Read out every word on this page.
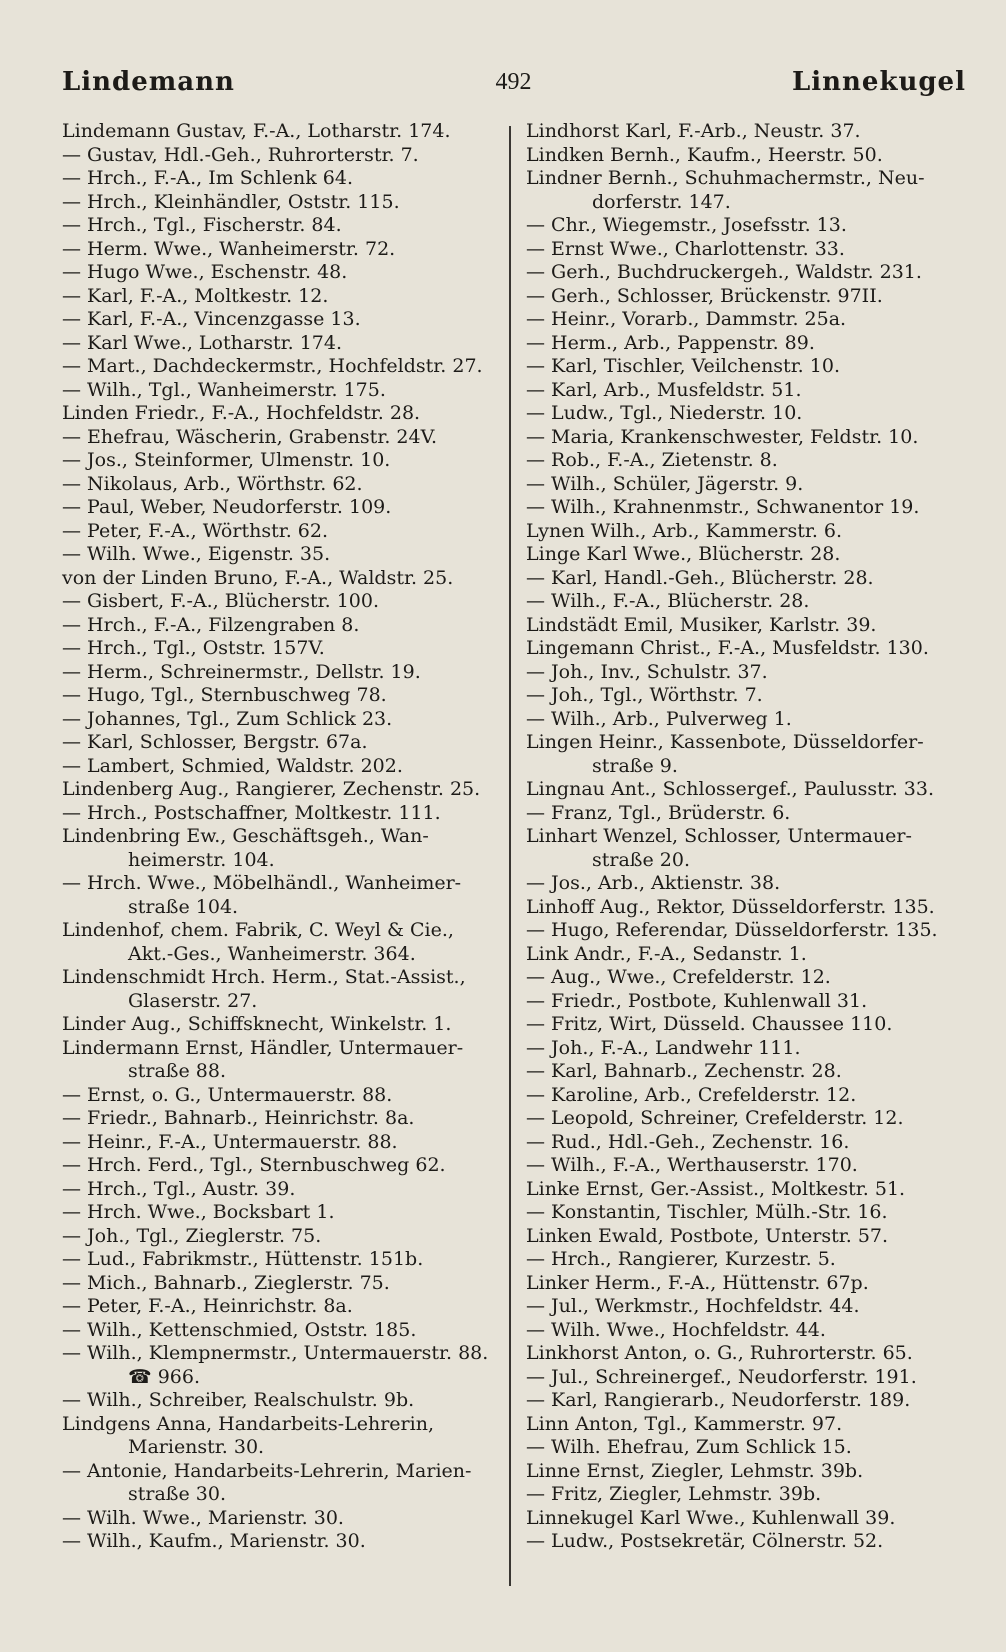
Lindemann	492	Linnekugel
Lindemann Gustav, F.-A., Lotharstr. 174.
— Gustav, Hdl.-Geh., Ruhrorterstr. 7.
— Hrch., F.-A., Im Schlenk 64.
— Hrch., Kleinhändler, Oststr. 115.
— Hrch., Tgl., Fischerstr. 84.
— Herm. Wwe., Wanheimerstr. 72.
— Hugo Wwe., Eschenstr. 48.
— Karl, F.-A., Moltkestr. 12.
— Karl, F.-A., Vincenzgasse 13.
— Karl Wwe., Lotharstr. 174.
— Mart., Dachdeckermstr., Hochfeldstr. 27.
— Wilh., Tgl., Wanheimerstr. 175.
Linden Friedr., F.-A., Hochfeldstr. 28.
— Ehefrau, Wäscherin, Grabenstr. 24V.
— Jos., Steinformer, Ulmenstr. 10.
— Nikolaus, Arb., Wörthstr. 62.
— Paul, Weber, Neudorferstr. 109.
— Peter, F.-A., Wörthstr. 62.
— Wilh. Wwe., Eigenstr. 35.
von der Linden Bruno, F.-A., Waldstr. 25.
— Gisbert, F.-A., Blücherstr. 100.
— Hrch., F.-A., Filzengraben 8.
— Hrch., Tgl., Oststr. 157V.
— Herm., Schreinermstr., Dellstr. 19.
— Hugo, Tgl., Sternbuschweg 78.
— Johannes, Tgl., Zum Schlick 23.
— Karl, Schlosser, Bergstr. 67a.
— Lambert, Schmied, Waldstr. 202.
Lindenberg Aug., Rangierer, Zechenstr. 25.
— Hrch., Postschaffner, Moltkestr. 111.
Lindenbring Ew., Geschäftsgeh., Wan-
heimerstr. 104.
— Hrch. Wwe., Möbelhändl., Wanheimer-
straße 104.
Lindenhof, chem. Fabrik, C. Weyl & Cie.,
Akt.-Ges., Wanheimerstr. 364.
Lindenschmidt Hrch. Herm., Stat.-Assist.,
Glaserstr. 27.
Linder Aug., Schiffsknecht, Winkelstr. 1.
Lindermann Ernst, Händler, Untermauer-
straße 88.
— Ernst, o. G., Untermauerstr. 88.
— Friedr., Bahnarb., Heinrichstr. 8a.
— Heinr., F.-A., Untermauerstr. 88.
— Hrch. Ferd., Tgl., Sternbuschweg 62.
— Hrch., Tgl., Austr. 39.
— Hrch. Wwe., Bocksbart 1.
— Joh., Tgl., Zieglerstr. 75.
— Lud., Fabrikmstr., Hüttenstr. 151b.
— Mich., Bahnarb., Zieglerstr. 75.
— Peter, F.-A., Heinrichstr. 8a.
— Wilh., Kettenschmied, Oststr. 185.
— Wilh., Klempnermstr., Untermauerstr. 88.
☎ 966.
— Wilh., Schreiber, Realschulstr. 9b.
Lindgens Anna, Handarbeits-Lehrerin,
Marienstr. 30.
— Antonie, Handarbeits-Lehrerin, Marien-
straße 30.
— Wilh. Wwe., Marienstr. 30.
— Wilh., Kaufm., Marienstr. 30.
Lindhorst Karl, F.-Arb., Neustr. 37.
Lindken Bernh., Kaufm., Heerstr. 50.
Lindner Bernh., Schuhmachermstr., Neu-
dorferstr. 147.
— Chr., Wiegemstr., Josefsstr. 13.
— Ernst Wwe., Charlottenstr. 33.
— Gerh., Buchdruckergeh., Waldstr. 231.
— Gerh., Schlosser, Brückenstr. 97II.
— Heinr., Vorarb., Dammstr. 25a.
— Herm., Arb., Pappenstr. 89.
— Karl, Tischler, Veilchenstr. 10.
— Karl, Arb., Musfeldstr. 51.
— Ludw., Tgl., Niederstr. 10.
— Maria, Krankenschwester, Feldstr. 10.
— Rob., F.-A., Zietenstr. 8.
— Wilh., Schüler, Jägerstr. 9.
— Wilh., Krahnenmstr., Schwanentor 19.
Lynen Wilh., Arb., Kammerstr. 6.
Linge Karl Wwe., Blücherstr. 28.
— Karl, Handl.-Geh., Blücherstr. 28.
— Wilh., F.-A., Blücherstr. 28.
Lindstädt Emil, Musiker, Karlstr. 39.
Lingemann Christ., F.-A., Musfeldstr. 130.
— Joh., Inv., Schulstr. 37.
— Joh., Tgl., Wörthstr. 7.
— Wilh., Arb., Pulverweg 1.
Lingen Heinr., Kassenbote, Düsseldorfer-
straße 9.
Lingnau Ant., Schlossergef., Paulusstr. 33.
— Franz, Tgl., Brüderstr. 6.
Linhart Wenzel, Schlosser, Untermauer-
straße 20.
— Jos., Arb., Aktienstr. 38.
Linhoff Aug., Rektor, Düsseldorferstr. 135.
— Hugo, Referendar, Düsseldorferstr. 135.
Link Andr., F.-A., Sedanstr. 1.
— Aug., Wwe., Crefelderstr. 12.
— Friedr., Postbote, Kuhlenwall 31.
— Fritz, Wirt, Düsseld. Chaussee 110.
— Joh., F.-A., Landwehr 111.
— Karl, Bahnarb., Zechenstr. 28.
— Karoline, Arb., Crefelderstr. 12.
— Leopold, Schreiner, Crefelderstr. 12.
— Rud., Hdl.-Geh., Zechenstr. 16.
— Wilh., F.-A., Werthauserstr. 170.
Linke Ernst, Ger.-Assist., Moltkestr. 51.
— Konstantin, Tischler, Mülh.-Str. 16.
Linken Ewald, Postbote, Unterstr. 57.
— Hrch., Rangierer, Kurzestr. 5.
Linker Herm., F.-A., Hüttenstr. 67p.
— Jul., Werkmstr., Hochfeldstr. 44.
— Wilh. Wwe., Hochfeldstr. 44.
Linkhorst Anton, o. G., Ruhrorterstr. 65.
— Jul., Schreinergef., Neudorferstr. 191.
— Karl, Rangierarb., Neudorferstr. 189.
Linn Anton, Tgl., Kammerstr. 97.
— Wilh. Ehefrau, Zum Schlick 15.
Linne Ernst, Ziegler, Lehmstr. 39b.
— Fritz, Ziegler, Lehmstr. 39b.
Linnekugel Karl Wwe., Kuhlenwall 39.
— Ludw., Postsekretär, Cölnerstr. 52.
